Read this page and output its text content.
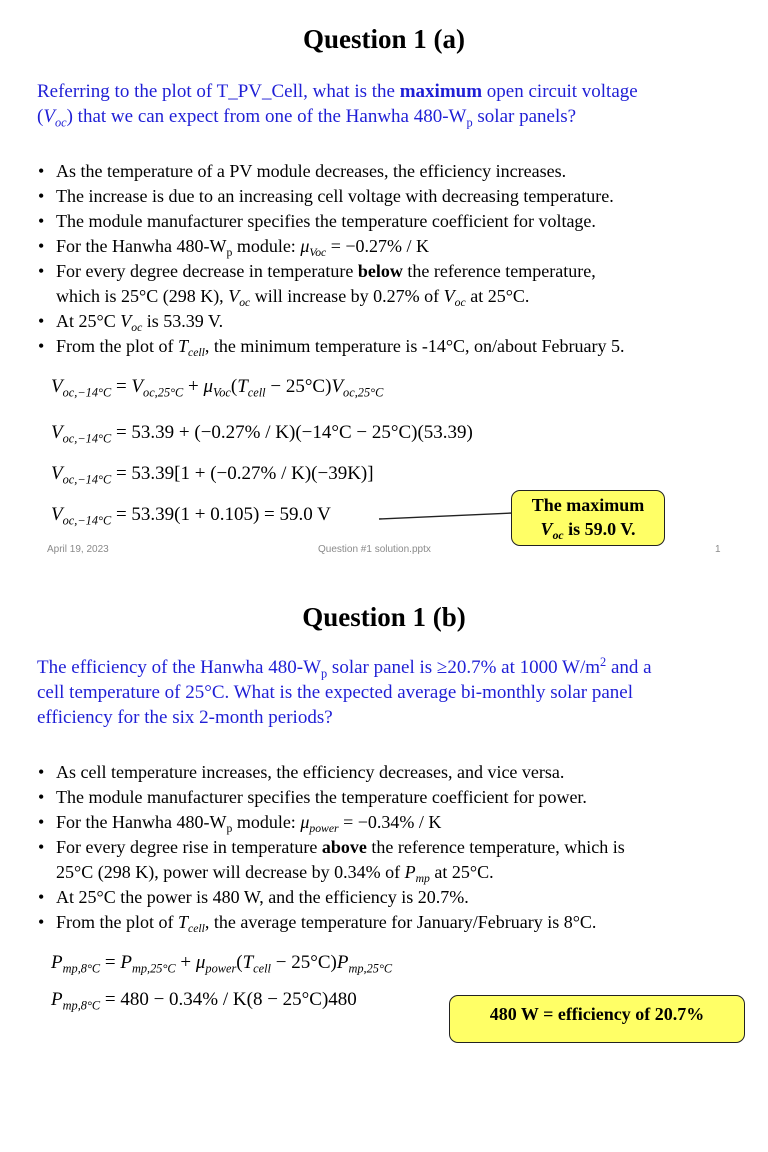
Question 1 (a)
Referring to the plot of T_PV_Cell, what is the maximum open circuit voltage
$(V_{oc})$ that we can expect from one of the Hanwha $480-W_p$ solar panels?
• As the temperature of a PV module decreases, the efficiency increases.
• The increase is due to an increasing cell voltage with decreasing temperature.
• The module manufacturer specifies the temperature coefficient for voltage.
• For the Hanwha $480-W_p$ module: $\mu_{Voc} = -0.27\% / K$
• For every degree decrease in temperature below the reference temperature,
which is 25°C (298 K), $V_{oc}$ will increase by 0.27% of $V_{oc}$ at 25°C.
• At 25°C $V_{oc}$ is 53.39 V.
• From the plot of $T_{cell}$, the minimum temperature is -14°C, on/about February 5.
$V_{oc,-14^\circ C} = V_{oc,25^\circ C} + \mu_{Voc}(T_{cell} - 25^\circ C)V_{oc,25^\circ C}$
$V_{oc,-14^\circ C} = 53.39 + (-0.27\% / K)(-14^\circ C - 25^\circ C)(53.39)$
$V_{oc,-14^\circ C} = 53.39[1 + (-0.27\% / K)(-39K)]$
$V_{oc,-14^\circ C} = 53.39(1 + 0.105) = 59.0$ V	The maximum
$V_{oc}$ is 59.0 V.
April 19, 2023	Question #1 solution.pptx	1
Question 1 (b)
The efficiency of the Hanwha $480-W_p$ solar panel is ≥20.7% at 1000 $W/m^2$ and a
cell temperature of 25°C. What is the expected average bi-monthly solar panel
efficiency for the six 2-month periods?
• As cell temperature increases, the efficiency decreases, and vice versa.
• The module manufacturer specifies the temperature coefficient for power.
• For the Hanwha $480-W_p$ module: $\mu_{power} = -0.34\% / K$
• For every degree rise in temperature above the reference temperature, which is
25°C (298 K), power will decrease by 0.34% of $P_{mp}$ at 25°C.
• At 25°C the power is 480 W, and the efficiency is 20.7%.
• From the plot of $T_{cell}$, the average temperature for January/February is 8°C.
$P_{mp,8^\circ C} = P_{mp,25^\circ C} + \mu_{power}(T_{cell} - 25^\circ C)P_{mp,25^\circ C}$
$P_{mp,8^\circ C} = 480 - 0.34\% / K(8 - 25^\circ C)480$
480 W = efficiency of 20.7%
